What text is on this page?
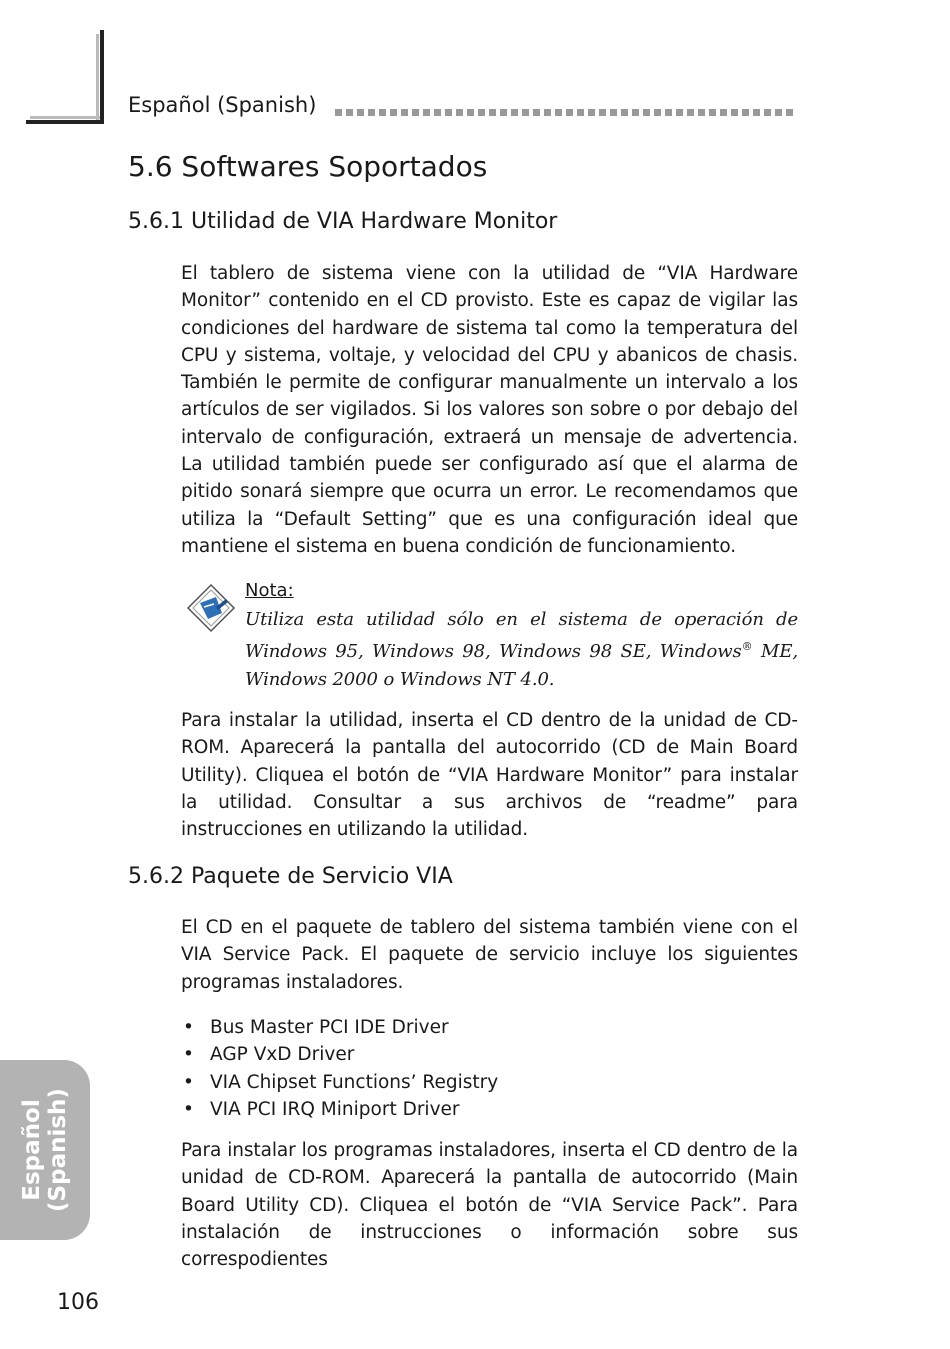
Español (Spanish)
5.6 Softwares Soportados
5.6.1 Utilidad de VIA Hardware Monitor

El tablero de sistema viene con la utilidad de “VIA Hardware Monitor” contenido en el CD provisto. Este es capaz de vigilar las condiciones del hardware de sistema tal como la temperatura del CPU y sistema, voltaje, y velocidad del CPU y abanicos de chasis. También le permite de configurar manualmente un intervalo a los artículos de ser vigilados. Si los valores son sobre o por debajo del intervalo de configuración, extraerá un mensaje de advertencia. La utilidad también puede ser configurado así que el alarma de pitido sonará siempre que ocurra un error. Le recomendamos que utiliza la “Default Setting” que es una configuración ideal que mantiene el sistema en buena condición de funcionamiento.

Nota:
Utiliza esta utilidad sólo en el sistema de operación de Windows 95, Windows 98, Windows 98 SE, Windows® ME, Windows 2000 o Windows NT 4.0.

Para instalar la utilidad, inserta el CD dentro de la unidad de CD-ROM. Aparecerá la pantalla del autocorrido (CD de Main Board Utility). Cliquea el botón de “VIA Hardware Monitor” para instalar la utilidad. Consultar a sus archivos de “readme” para instrucciones en utilizando la utilidad.

5.6.2 Paquete de Servicio VIA

El CD en el paquete de tablero del sistema también viene con el VIA Service Pack. El paquete de servicio incluye los siguientes programas instaladores.

• Bus Master PCI IDE Driver
• AGP VxD Driver
• VIA Chipset Functions’ Registry
• VIA PCI IRQ Miniport Driver

Para instalar los programas instaladores, inserta el CD dentro de la unidad de CD-ROM. Aparecerá la pantalla de autocorrido (Main Board Utility CD). Cliquea el botón de “VIA Service Pack”. Para instalación de instrucciones o información sobre sus correspodientes

Español (Spanish)
106
